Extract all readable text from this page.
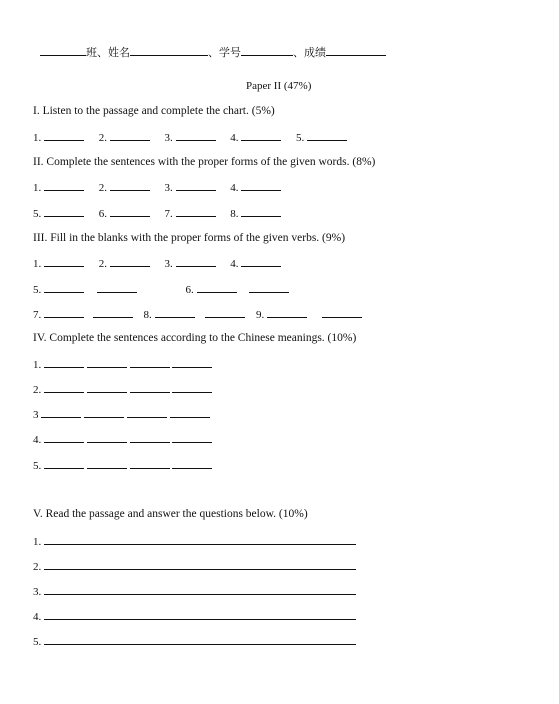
班、姓名	、学号	、成绩
Paper II (47%)
I. Listen to the passage and complete the chart. (5%)
1.	2.	3.	4.	5.
II. Complete the sentences with the proper forms of the given words. (8%)
1.	2.	3.	4.
5.	6.	7.	8.
III. Fill in the blanks with the proper forms of the given verbs. (9%)
1.	2.	3.	4.
5.	6.
7.	8.	9.
IV. Complete the sentences according to the Chinese meanings. (10%)
1.
2.
3
4.
5.
V. Read the passage and answer the questions below. (10%)
1.
2.
3.
4.
5.
